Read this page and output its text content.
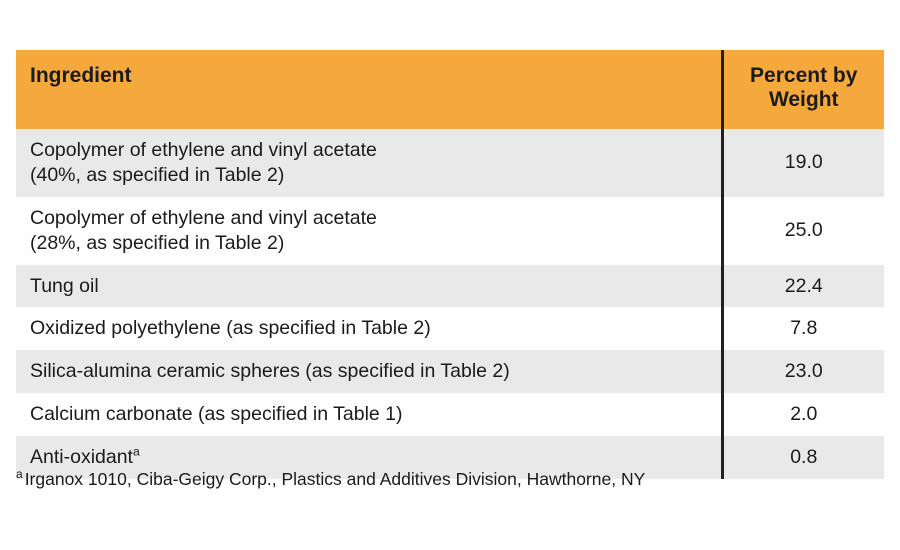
Ingredient	Percent by
Weight

Copolymer of ethylene and vinyl acetate
(40%, as specified in Table 2)	19.0

Copolymer of ethylene and vinyl acetate
(28%, as specified in Table 2)	25.0

Tung oil	22.4

Oxidized polyethylene (as specified in Table 2)	7.8

Silica-alumina ceramic spheres (as specified in Table 2)	23.0

Calcium carbonate (as specified in Table 1)	2.0
Anti-oxidant$^a$	0.8
$^a$ Irganox 1010, Ciba-Geigy Corp., Plastics and Additives Division, Hawthorne, NY
